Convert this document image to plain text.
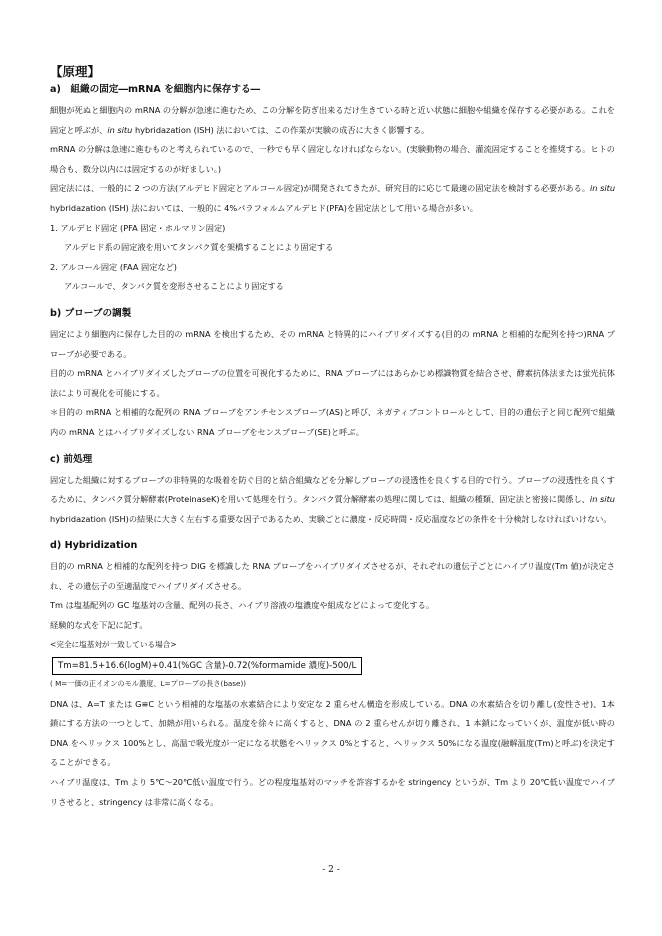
【原理】
a)　組織の固定―mRNA を細胞内に保存する―

細胞が死ぬと細胞内の mRNA の分解が急速に進むため、この分解を防ぎ出来るだけ生きている時と近い状態に細胞や組織を保存する必要がある。これを固定と呼ぶが、in situ hybridazation (ISH) 法においては、この作業が実験の成否に大きく影響する。

mRNA の分解は急速に進むものと考えられているので、一秒でも早く固定しなければならない。(実験動物の場合、灌流固定することを推奨する。ヒトの場合も、数分以内には固定するのが好ましい。)

固定法には、一般的に 2 つの方法(アルデヒド固定とアルコール固定)が開発されてきたが、研究目的に応じて最適の固定法を検討する必要がある。in situ hybridazation (ISH) 法においては、一般的に 4%パラフォルムアルデヒド(PFA)を固定法として用いる場合が多い。

1. アルデヒド固定 (PFA 固定・ホルマリン固定)

アルデヒド系の固定液を用いてタンパク質を架橋することにより固定する

2. アルコール固定 (FAA 固定など)

アルコールで、タンパク質を変形させることにより固定する

b) プローブの調製

固定により細胞内に保存した目的の mRNA を検出するため、その mRNA と特異的にハイブリダイズする(目的の mRNA と相補的な配列を持つ)RNA プローブが必要である。

目的の mRNA とハイブリダイズしたプローブの位置を可視化するために、RNA プローブにはあらかじめ標識物質を結合させ、酵素抗体法または蛍光抗体法により可視化を可能にする。

＊目的の mRNA と相補的な配列の RNA プローブをアンチセンスプローブ(AS)と呼び、ネガティブコントロールとして、目的の遺伝子と同じ配列で組織内の mRNA とはハイブリダイズしない RNA プローブをセンスプローブ(SE)と呼ぶ。

c) 前処理

固定した組織に対するプローブの非特異的な吸着を防ぐ目的と結合組織などを分解しプローブの浸透性を良くする目的で行う。プローブの浸透性を良くするために、タンパク質分解酵素(ProteinaseK)を用いて処理を行う。タンパク質分解酵素の処理に関しては、組織の種類、固定法と密接に関係し、in situ hybridazation (ISH)の結果に大きく左右する重要な因子であるため、実験ごとに濃度・反応時間・反応温度などの条件を十分検討しなければいけない。

d) Hybridization

目的の mRNA と相補的な配列を持つ DIG を標識した RNA プローブをハイブリダイズさせるが、それぞれの遺伝子ごとにハイブリ温度(Tm 値)が決定され、その遺伝子の至適温度でハイブリダイズさせる。

Tm は塩基配列の GC 塩基対の含量、配列の長さ、ハイブリ溶液の塩濃度や組成などによって変化する。

経験的な式を下記に記す。

<完全に塩基対が一致している場合>

Tm=81.5+16.6(logM)+0.41(%GC 含量)-0.72(%formamide 濃度)-500/L

( M=一価の正イオンのモル濃度、L=プローブの長さ(base))

DNA は、A=T または G≡C という相補的な塩基の水素結合により安定な 2 重らせん構造を形成している。DNA の水素結合を切り離し(変性させ)、1本鎖にする方法の一つとして、加熱が用いられる。温度を徐々に高くすると、DNA の 2 重らせんが切り離され、1 本鎖になっていくが、温度が低い時の DNA をヘリックス 100%とし、高温で吸光度が一定になる状態をヘリックス 0%とすると、ヘリックス 50%になる温度(融解温度(Tm)と呼ぶ)を決定することができる。

ハイブリ温度は、Tm より 5℃～20℃低い温度で行う。どの程度塩基対のマッチを許容するかを stringency というが、Tm より 20℃低い温度でハイブリさせると、stringency は非常に高くなる。

- 2 -
